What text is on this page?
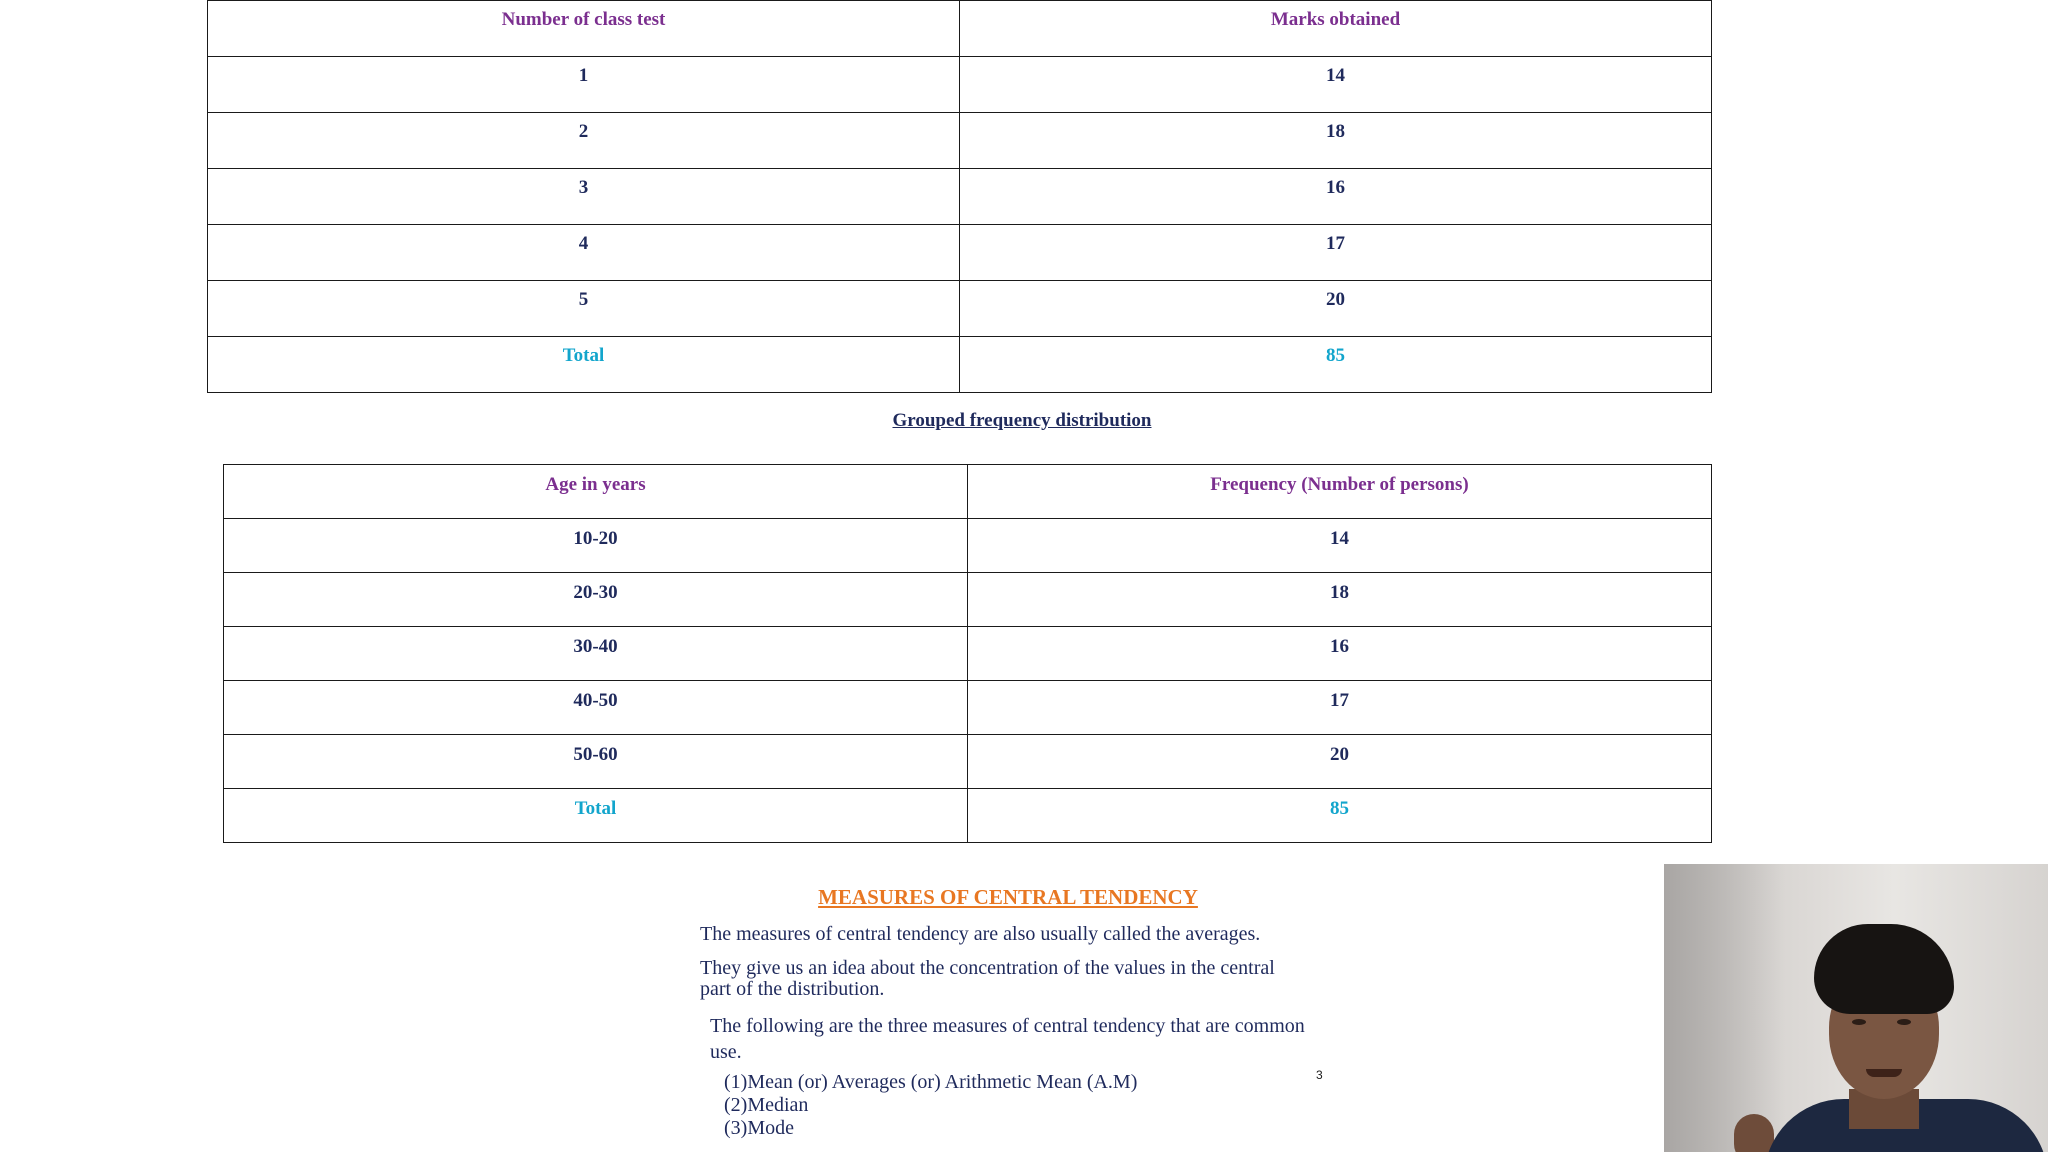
Number of class test	Marks obtained
1	14
2	18
3	16
4	17
5	20
Total	85
Grouped frequency distribution
Age in years	Frequency (Number of persons)
10-20	14
20-30	18
30-40	16
40-50	17
50-60	20
Total	85
MEASURES OF CENTRAL TENDENCY
The measures of central tendency are also usually called the averages.
They give us an idea about the concentration of the values in the central part of the distribution.
The following are the three measures of central tendency that are common use.
(1)Mean (or) Averages (or) Arithmetic Mean (A.M)
(2)Median
(3)Mode
3
